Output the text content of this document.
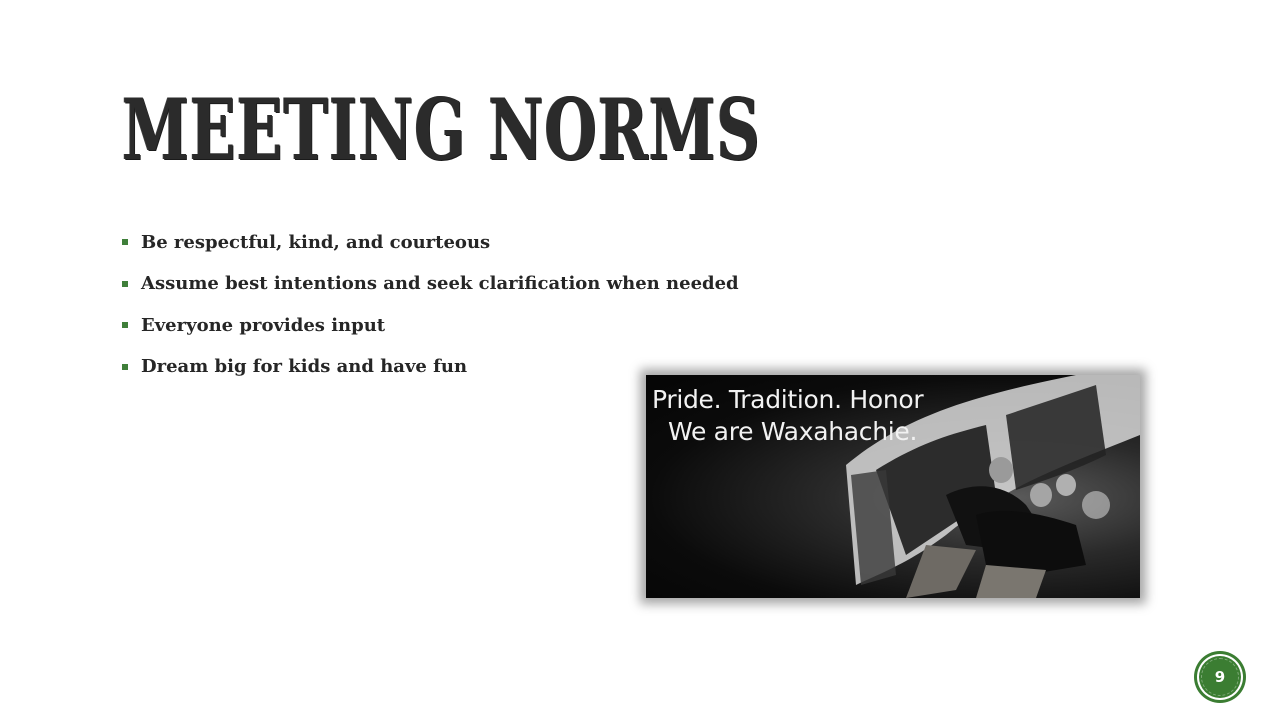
MEETING NORMS
Be respectful, kind, and courteous
Assume best intentions and seek clarification when needed
Everyone provides input
Dream big for kids and have fun
Pride. Tradition. Honor
We are Waxahachie.
9
